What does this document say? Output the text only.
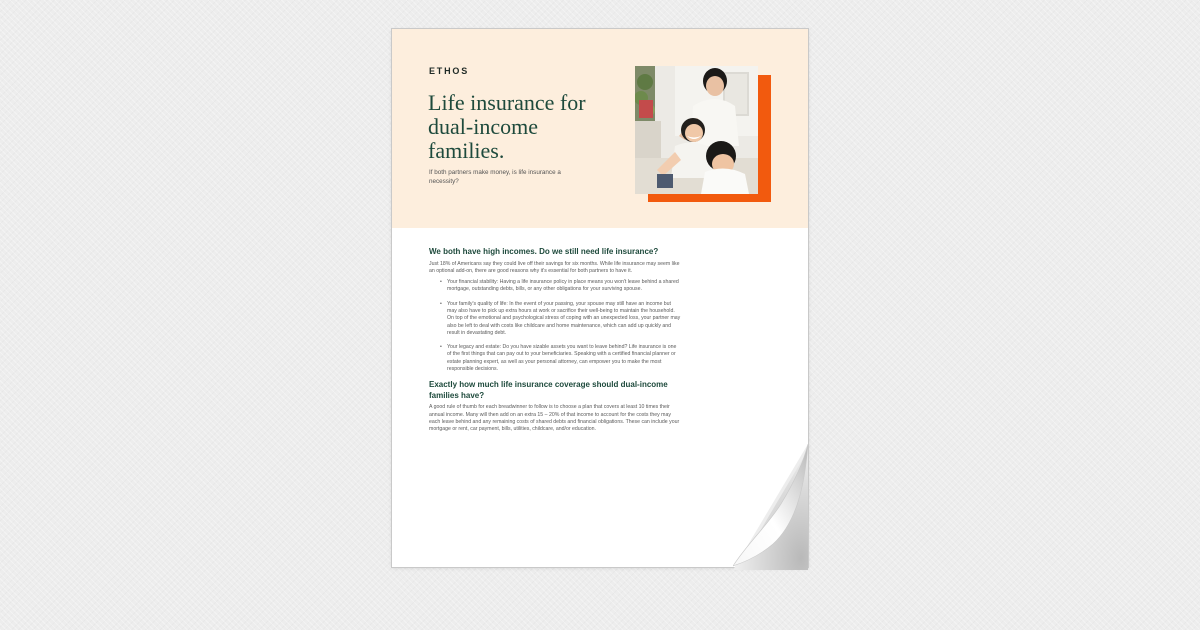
ETHOS
Life insurance for dual-income families.
If both partners make money, is life insurance a necessity?
We both have high incomes. Do we still need life insurance?

Just 18% of Americans say they could live off their savings for six months. While life insurance may seem like an optional add-on, there are good reasons why it's essential for both partners to have it.

• Your financial stability: Having a life insurance policy in place means you won't leave behind a shared mortgage, outstanding debts, bills, or any other obligations for your surviving spouse.
• Your family's quality of life: In the event of your passing, your spouse may still have an income but may also have to pick up extra hours at work or sacrifice their well-being to maintain the household. On top of the emotional and psychological stress of coping with an unexpected loss, your partner may also be left to deal with costs like childcare and home maintenance, which can add up quickly and result in devastating debt.
• Your legacy and estate: Do you have sizable assets you want to leave behind? Life insurance is one of the first things that can pay out to your beneficiaries. Speaking with a certified financial planner or estate planning expert, as well as your personal attorney, can empower you to make the most responsible decisions.
Exactly how much life insurance coverage should dual-income families have?

A good rule of thumb for each breadwinner to follow is to choose a plan that covers at least 10 times their annual income. Many will then add on an extra 15 – 20% of that income to account for the costs they may each leave behind and any remaining costs of shared debts and financial obligations. These can include your mortgage or rent, car payment, bills, utilities, childcare, and/or education.
